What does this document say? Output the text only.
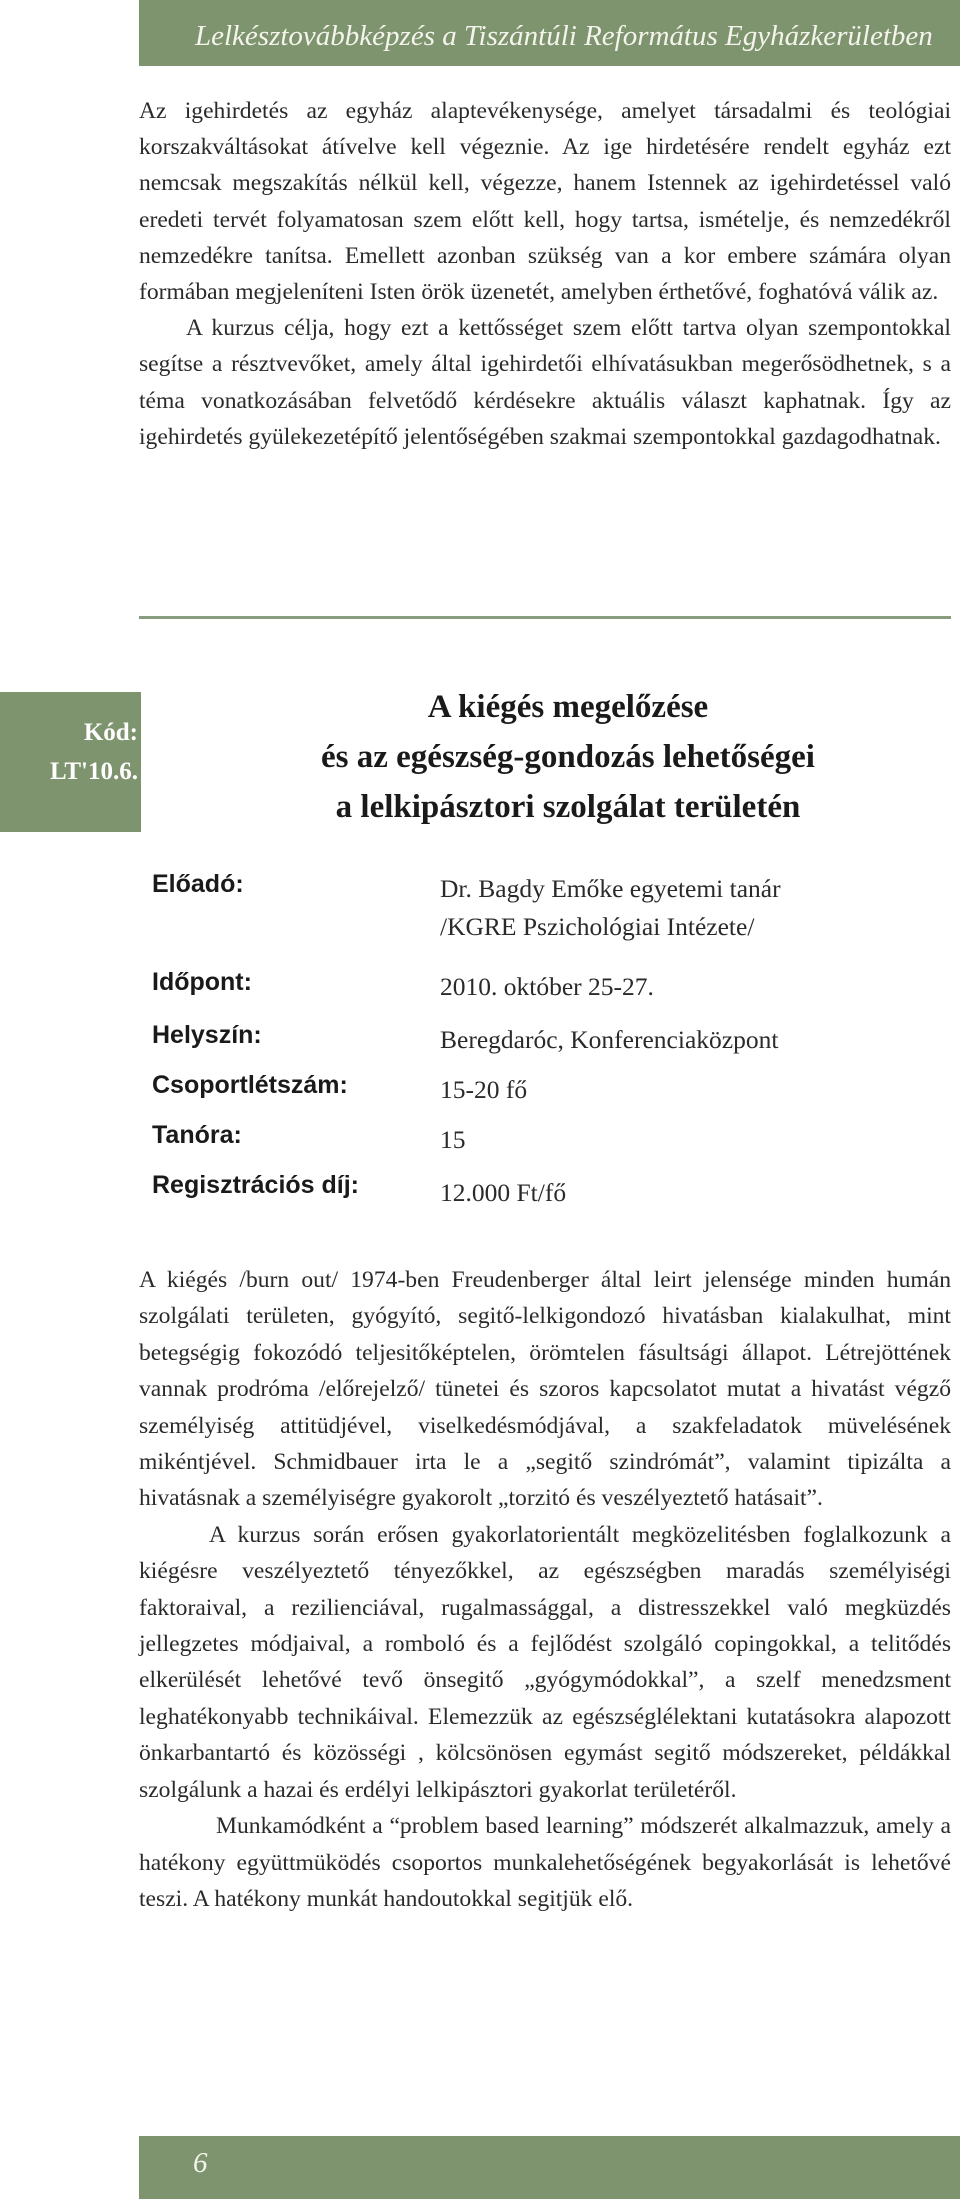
Lelkésztovábbképzés a Tiszántúli Református Egyházkerületben

Az igehirdetés az egyház alaptevékenysége, amelyet társadalmi és teológiai korszakváltásokat átívelve kell végeznie. Az ige hirdetésére rendelt egyház ezt nemcsak megszakítás nélkül kell, végezze, hanem Istennek az igehirdetéssel való eredeti tervét folyamatosan szem előtt kell, hogy tartsa, ismételje, és nemzedékről nemzedékre tanítsa. Emellett azonban szükség van a kor embere számára olyan formában megjeleníteni Isten örök üzenetét, amelyben érthetővé, foghatóvá válik az.

A kurzus célja, hogy ezt a kettősséget szem előtt tartva olyan szempontokkal segítse a résztvevőket, amely által igehirdetői elhívatásukban megerősödhetnek, s a téma vonatkozásában felvetődő kérdésekre aktuális választ kaphatnak. Így az igehirdetés gyülekezetépítő jelentőségében szakmai szempontokkal gazdagodhatnak.

Kód:
LT'10.6.
A kiégés megelőzése
és az egészség-gondozás lehetőségei
a lelkipásztori szolgálat területén
Előadó:	Dr. Bagdy Emőke egyetemi tanár
/KGRE Pszichológiai Intézete/
Időpont:	2010. október 25-27.
Helyszín:	Beregdaróc, Konferenciaközpont
Csoportlétszám:	15-20 fő
Tanóra:	15
Regisztrációs díj:	12.000 Ft/fő

A kiégés /burn out/ 1974-ben Freudenberger által leirt jelensége minden humán szolgálati területen, gyógyító, segitő-lelkigondozó hivatásban kialakulhat, mint betegségig fokozódó teljesitőképtelen, örömtelen fásultsági állapot. Létrejöttének vannak prodróma /előrejelző/ tünetei és szoros kapcsolatot mutat a hivatást végző személyiség attitüdjével, viselkedésmódjával, a szakfeladatok müvelésének mikéntjével. Schmidbauer irta le a „segitő szindrómát”, valamint tipizálta a hivatásnak a személyiségre gyakorolt „torzitó és veszélyeztető hatásait”.

A kurzus során erősen gyakorlatorientált megközelitésben foglalkozunk a kiégésre veszélyeztető tényezőkkel, az egészségben maradás személyiségi faktoraival, a rezilienciával, rugalmassággal, a distresszekkel való megküzdés jellegzetes módjaival, a romboló és a fejlődést szolgáló copingokkal, a telitődés elkerülését lehetővé tevő önsegitő „gyógymódokkal”, a szelf menedzsment leghatékonyabb technikáival. Elemezzük az egészséglélektani kutatásokra alapozott önkarbantartó és közösségi , kölcsönösen egymást segitő módszereket, példákkal szolgálunk a hazai és erdélyi lelkipásztori gyakorlat területéről.

Munkamódként a “problem based learning” módszerét alkalmazzuk, amely a hatékony együttmüködés csoportos munkalehetőségének begyakorlását is lehetővé teszi. A hatékony munkát handoutokkal segitjük elő.

6
